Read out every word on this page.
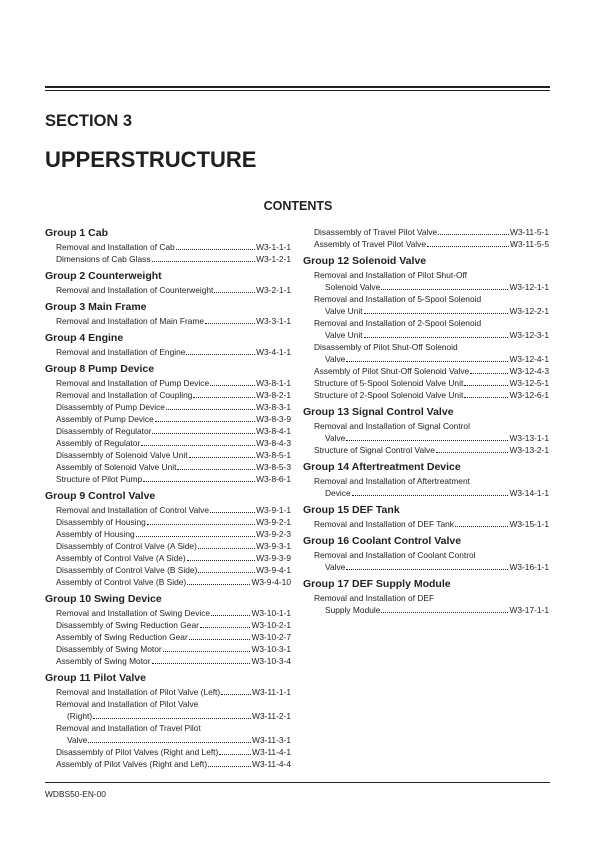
SECTION 3
UPPERSTRUCTURE
CONTENTS
Group 1 Cab
Removal and Installation of Cab	W3-1-1-1
Dimensions of Cab Glass	W3-1-2-1
Group 2 Counterweight
Removal and Installation of Counterweight	W3-2-1-1
Group 3 Main Frame
Removal and Installation of Main Frame	W3-3-1-1
Group 4 Engine
Removal and Installation of Engine	W3-4-1-1
Group 8 Pump Device
Removal and Installation of Pump Device	W3-8-1-1
Removal and Installation of Coupling	W3-8-2-1
Disassembly of Pump Device	W3-8-3-1
Assembly of Pump Device	W3-8-3-9
Disassembly of Regulator	W3-8-4-1
Assembly of Regulator	W3-8-4-3
Disassembly of Solenoid Valve Unit	W3-8-5-1
Assembly of Solenoid Valve Unit	W3-8-5-3
Structure of Pilot Pump	W3-8-6-1
Group 9 Control Valve
Removal and Installation of Control Valve	W3-9-1-1
Disassembly of Housing	W3-9-2-1
Assembly of Housing	W3-9-2-3
Disassembly of Control Valve (A Side)	W3-9-3-1
Assembly of Control Valve (A Side)	W3-9-3-9
Disassembly of Control Valve (B Side)	W3-9-4-1
Assembly of Control Valve (B Side)	W3-9-4-10
Group 10 Swing Device
Removal and Installation of Swing Device	W3-10-1-1
Disassembly of Swing Reduction Gear	W3-10-2-1
Assembly of Swing Reduction Gear	W3-10-2-7
Disassembly of Swing Motor	W3-10-3-1
Assembly of Swing Motor	W3-10-3-4
Group 11 Pilot Valve
Removal and Installation of Pilot Valve (Left)	W3-11-1-1
Removal and Installation of Pilot Valve
(Right)	W3-11-2-1
Removal and Installation of Travel Pilot
Valve	W3-11-3-1
Disassembly of Pilot Valves (Right and Left)	W3-11-4-1
Assembly of Pilot Valves (Right and Left)	W3-11-4-4
Disassembly of Travel Pilot Valve	W3-11-5-1
Assembly of Travel Pilot Valve	W3-11-5-5
Group 12 Solenoid Valve
Removal and Installation of Pilot Shut-Off
Solenoid Valve	W3-12-1-1
Removal and Installation of 5-Spool Solenoid
Valve Unit	W3-12-2-1
Removal and Installation of 2-Spool Solenoid
Valve Unit	W3-12-3-1
Disassembly of Pilot Shut-Off Solenoid
Valve	W3-12-4-1
Assembly of Pilot Shut-Off Solenoid Valve	W3-12-4-3
Structure of 5-Spool Solenoid Valve Unit	W3-12-5-1
Structure of 2-Spool Solenoid Valve Unit	W3-12-6-1
Group 13 Signal Control Valve
Removal and Installation of Signal Control
Valve	W3-13-1-1
Structure of Signal Control Valve	W3-13-2-1
Group 14 Aftertreatment Device
Removal and Installation of Aftertreatment
Device	W3-14-1-1
Group 15 DEF Tank
Removal and Installation of DEF Tank	W3-15-1-1
Group 16 Coolant Control Valve
Removal and Installation of Coolant Control
Valve	W3-16-1-1
Group 17 DEF Supply Module
Removal and Installation of DEF
Supply Module	W3-17-1-1

WDBS50-EN-00
